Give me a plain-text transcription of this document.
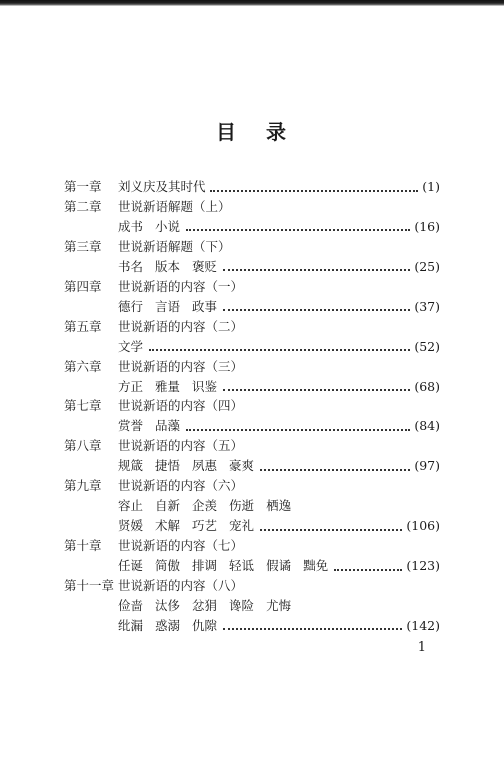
目 录
第一章 刘义庆及其时代	(1)
第二章 世说新语解题（上）
成书 小说	(16)
第三章 世说新语解题（下）
书名 版本 褒贬	(25)
第四章 世说新语的内容（一）
德行 言语 政事	(37)
第五章 世说新语的内容（二）
文学	(52)
第六章 世说新语的内容（三）
方正 雅量 识鉴	(68)
第七章 世说新语的内容（四）
赏誉 品藻	(84)
第八章 世说新语的内容（五）
规箴 捷悟 夙惠 豪爽	(97)
第九章 世说新语的内容（六）
容止 自新 企羡 伤逝 栖逸
贤媛 术解 巧艺 宠礼	(106)
第十章 世说新语的内容（七）
任诞 简傲 排调 轻诋 假谲 黜免	(123)
第十一章 世说新语的内容（八）
俭啬 汰侈 忿狷 谗险 尤悔
纰漏 惑溺 仇隙	(142)
1
